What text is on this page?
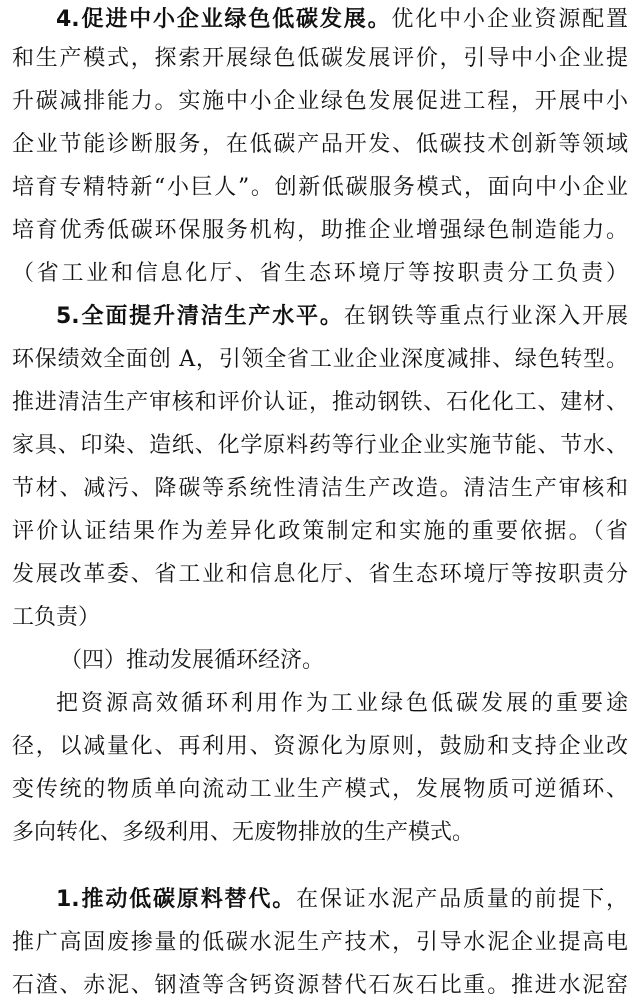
4.促进中小企业绿色低碳发展。优化中小企业资源配置
和生产模式，探索开展绿色低碳发展评价，引导中小企业提
升碳减排能力。实施中小企业绿色发展促进工程，开展中小
企业节能诊断服务，在低碳产品开发、低碳技术创新等领域
培育专精特新“小巨人”。创新低碳服务模式，面向中小企业
培育优秀低碳环保服务机构，助推企业增强绿色制造能力。
（省工业和信息化厅、省生态环境厅等按职责分工负责）
5.全面提升清洁生产水平。在钢铁等重点行业深入开展
环保绩效全面创 A，引领全省工业企业深度减排、绿色转型。
推进清洁生产审核和评价认证，推动钢铁、石化化工、建材、
家具、印染、造纸、化学原料药等行业企业实施节能、节水、
节材、减污、降碳等系统性清洁生产改造。清洁生产审核和
评价认证结果作为差异化政策制定和实施的重要依据。（省
发展改革委、省工业和信息化厅、省生态环境厅等按职责分
工负责）
（四）推动发展循环经济。
把资源高效循环利用作为工业绿色低碳发展的重要途
径，以减量化、再利用、资源化为原则，鼓励和支持企业改
变传统的物质单向流动工业生产模式，发展物质可逆循环、
多向转化、多级利用、无废物排放的生产模式。
1.推动低碳原料替代。在保证水泥产品质量的前提下，
推广高固废掺量的低碳水泥生产技术，引导水泥企业提高电
石渣、赤泥、钢渣等含钙资源替代石灰石比重。推进水泥窑
